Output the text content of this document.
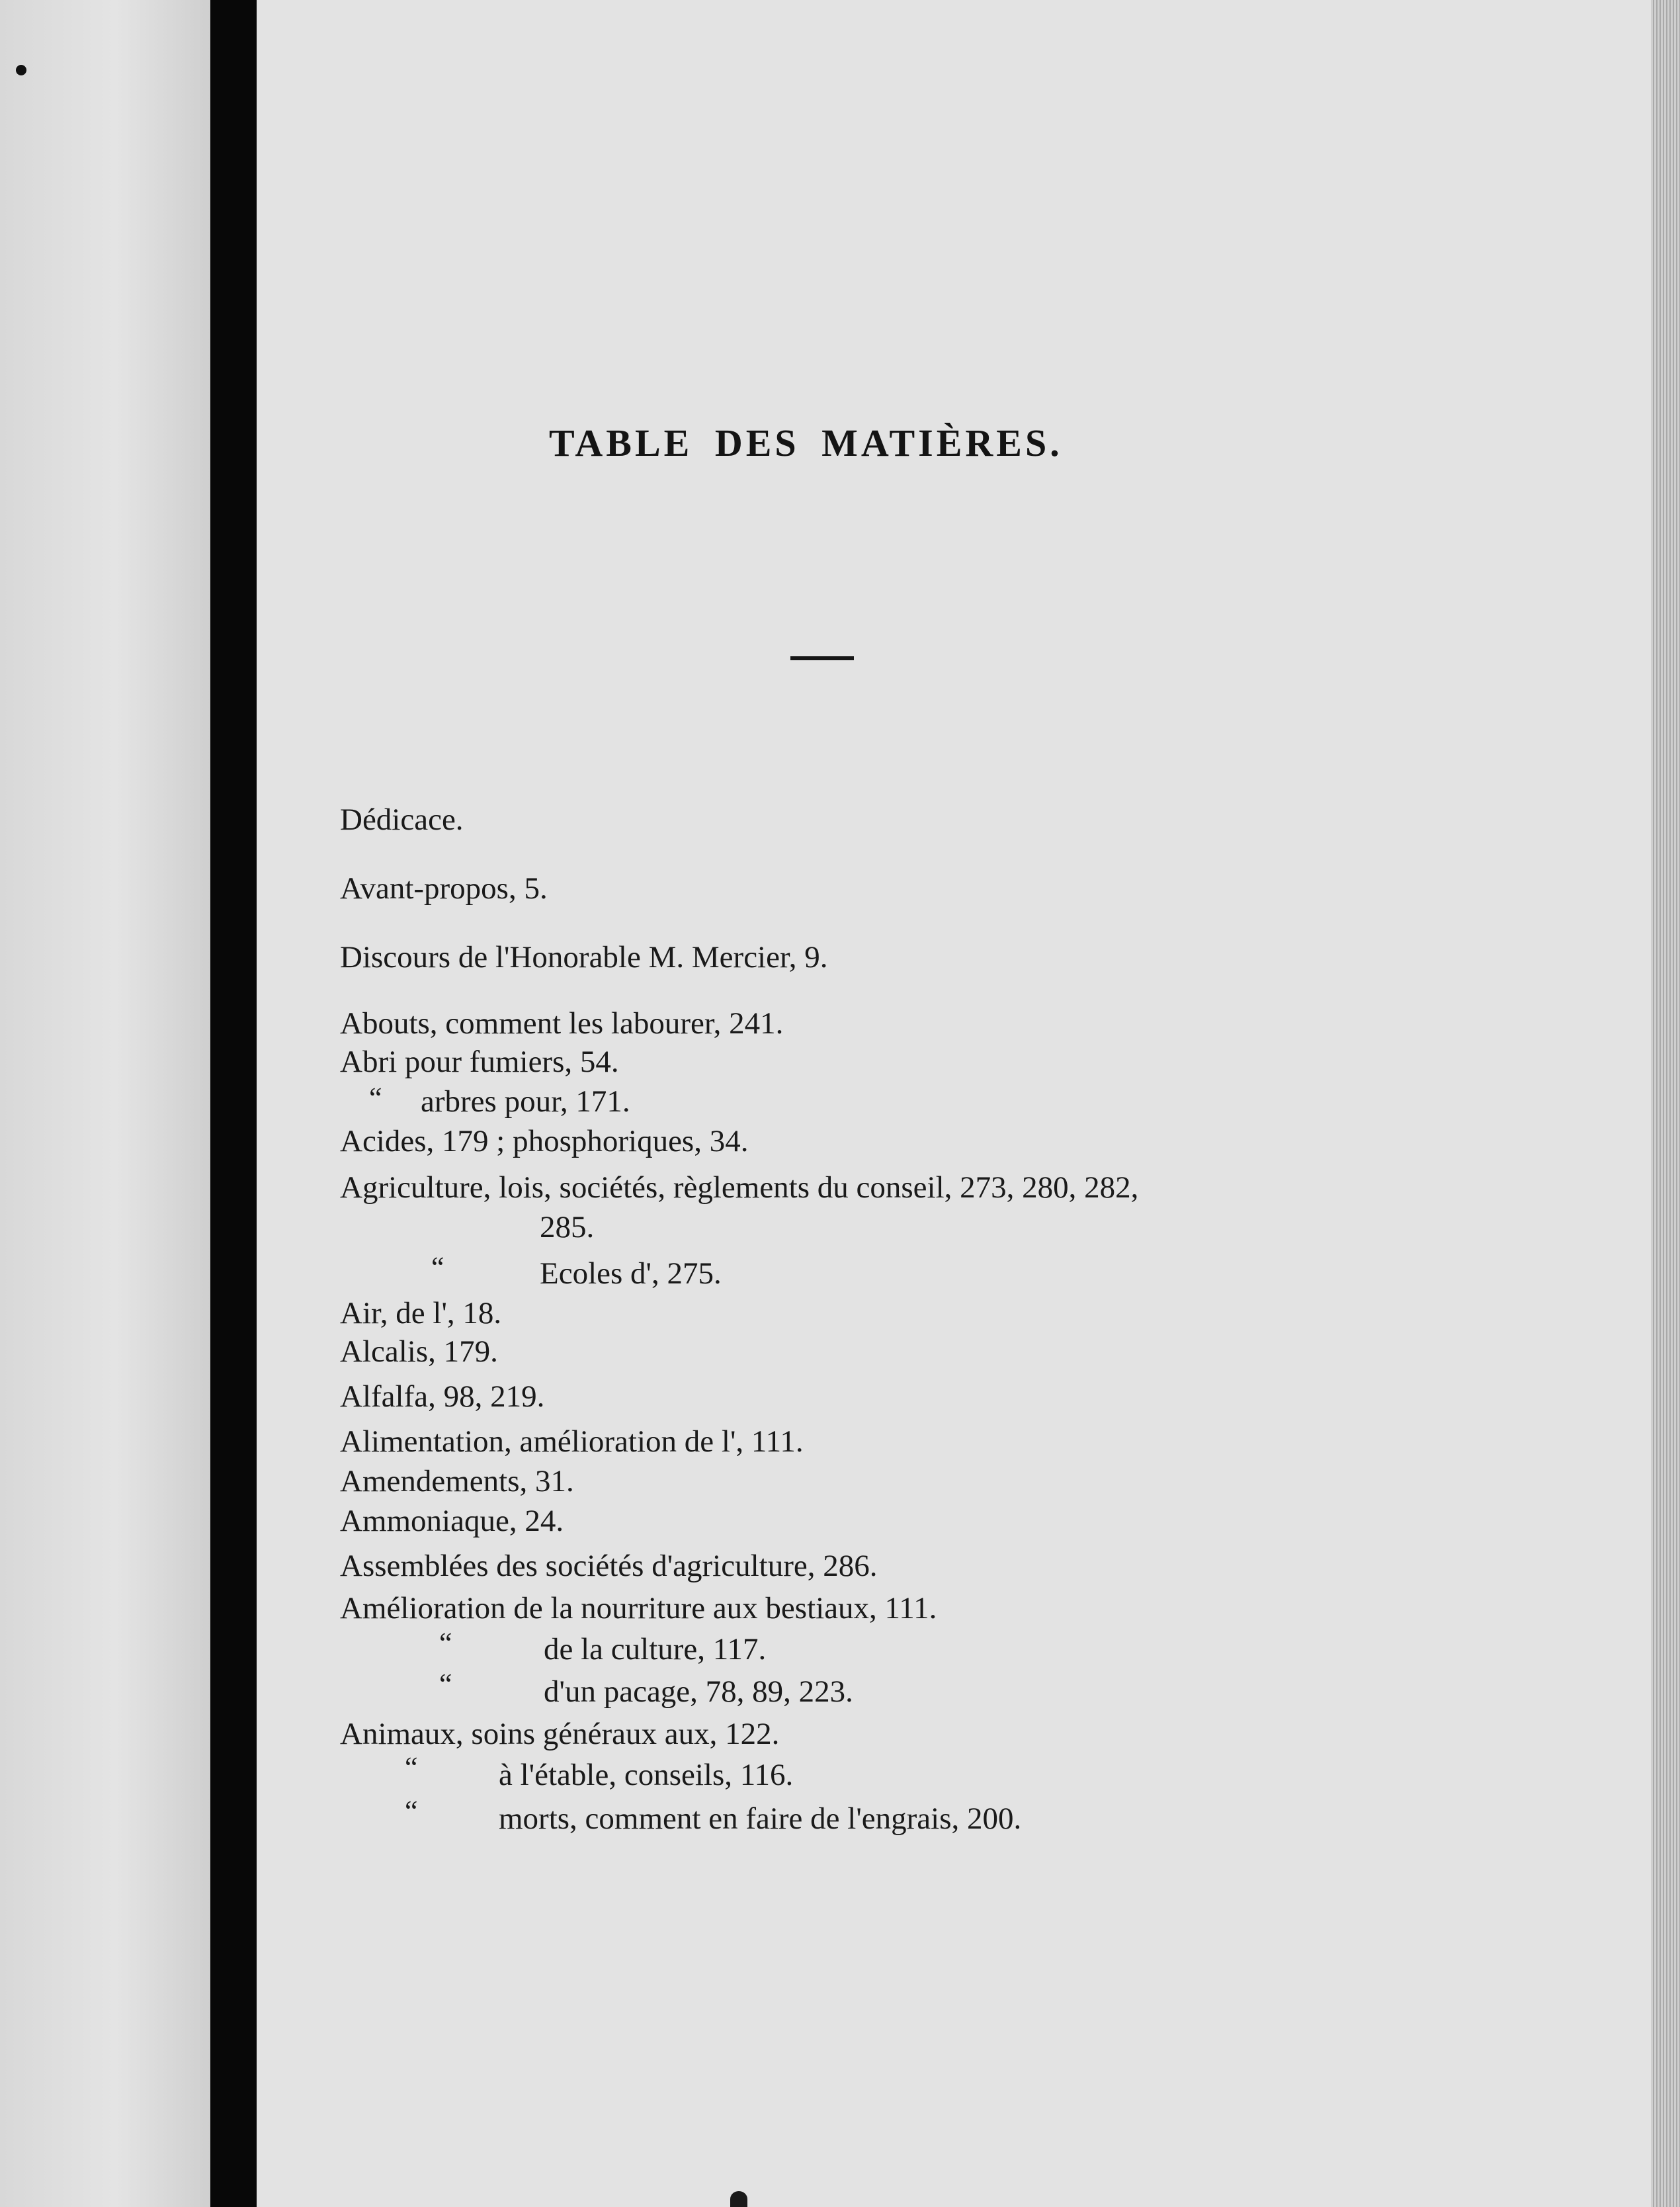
TABLE DES MATIÈRES.
Dédicace.
Avant-propos, 5.
Discours de l'Honorable M. Mercier, 9.
Abouts, comment les labourer, 241.
Abri pour fumiers, 54.
“ arbres pour, 171.
Acides, 179 ; phosphoriques, 34.
Agriculture, lois, sociétés, règlements du conseil, 273, 280, 282,
285.
“	Ecoles d', 275.
Air, de l', 18.
Alcalis, 179.
Alfalfa, 98, 219.
Alimentation, amélioration de l', 111.
Amendements, 31.
Ammoniaque, 24.
Assemblées des sociétés d'agriculture, 286.
Amélioration de la nourriture aux bestiaux, 111.
“	de la culture, 117.
“	d'un pacage, 78, 89, 223.
Animaux, soins généraux aux, 122.
“	à l'étable, conseils, 116.
“	morts, comment en faire de l'engrais, 200.
